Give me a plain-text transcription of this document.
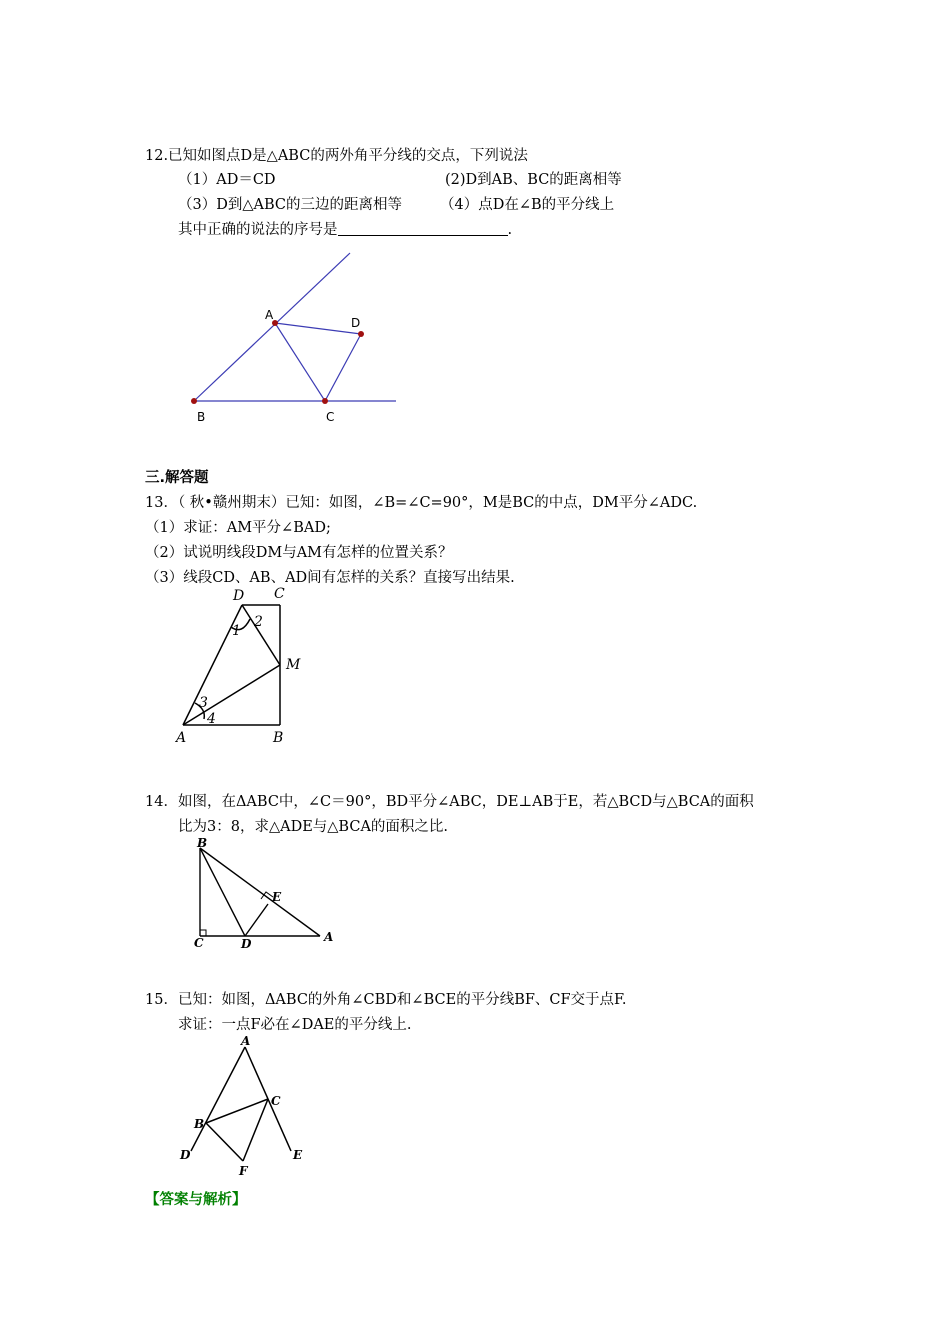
12.已知如图点D是△ABC的两外角平分线的交点，下列说法
（1）AD＝CD	(2)D到AB、BC的距离相等
（3）D到△ABC的三边的距离相等	（4）点D在∠B的平分线上
其中正确的说法的序号是	.
A
B	C
D
三.解答题
13．（ 秋•赣州期末）已知：如图，∠B=∠C=90°，M是BC的中点，DM平分∠ADC.
（1）求证：AM平分∠BAD;
（2）试说明线段DM与AM有怎样的位置关系？
（3）线段CD、AB、AD间有怎样的关系？直接写出结果.
D C
M
A	B
1
2
3
4
14．如图，在ΔABC中，∠C＝90°，BD平分∠ABC，DE⊥AB于E，若△BCD与△BCA的面积
比为3：8，求△ADE与△BCA的面积之比.
B
C	D	A
E
15．已知：如图，ΔABC的外角∠CBD和∠BCE的平分线BF、CF交于点F.
求证：一点F必在∠DAE的平分线上.
A
B
C
D	E
F
【答案与解析】
